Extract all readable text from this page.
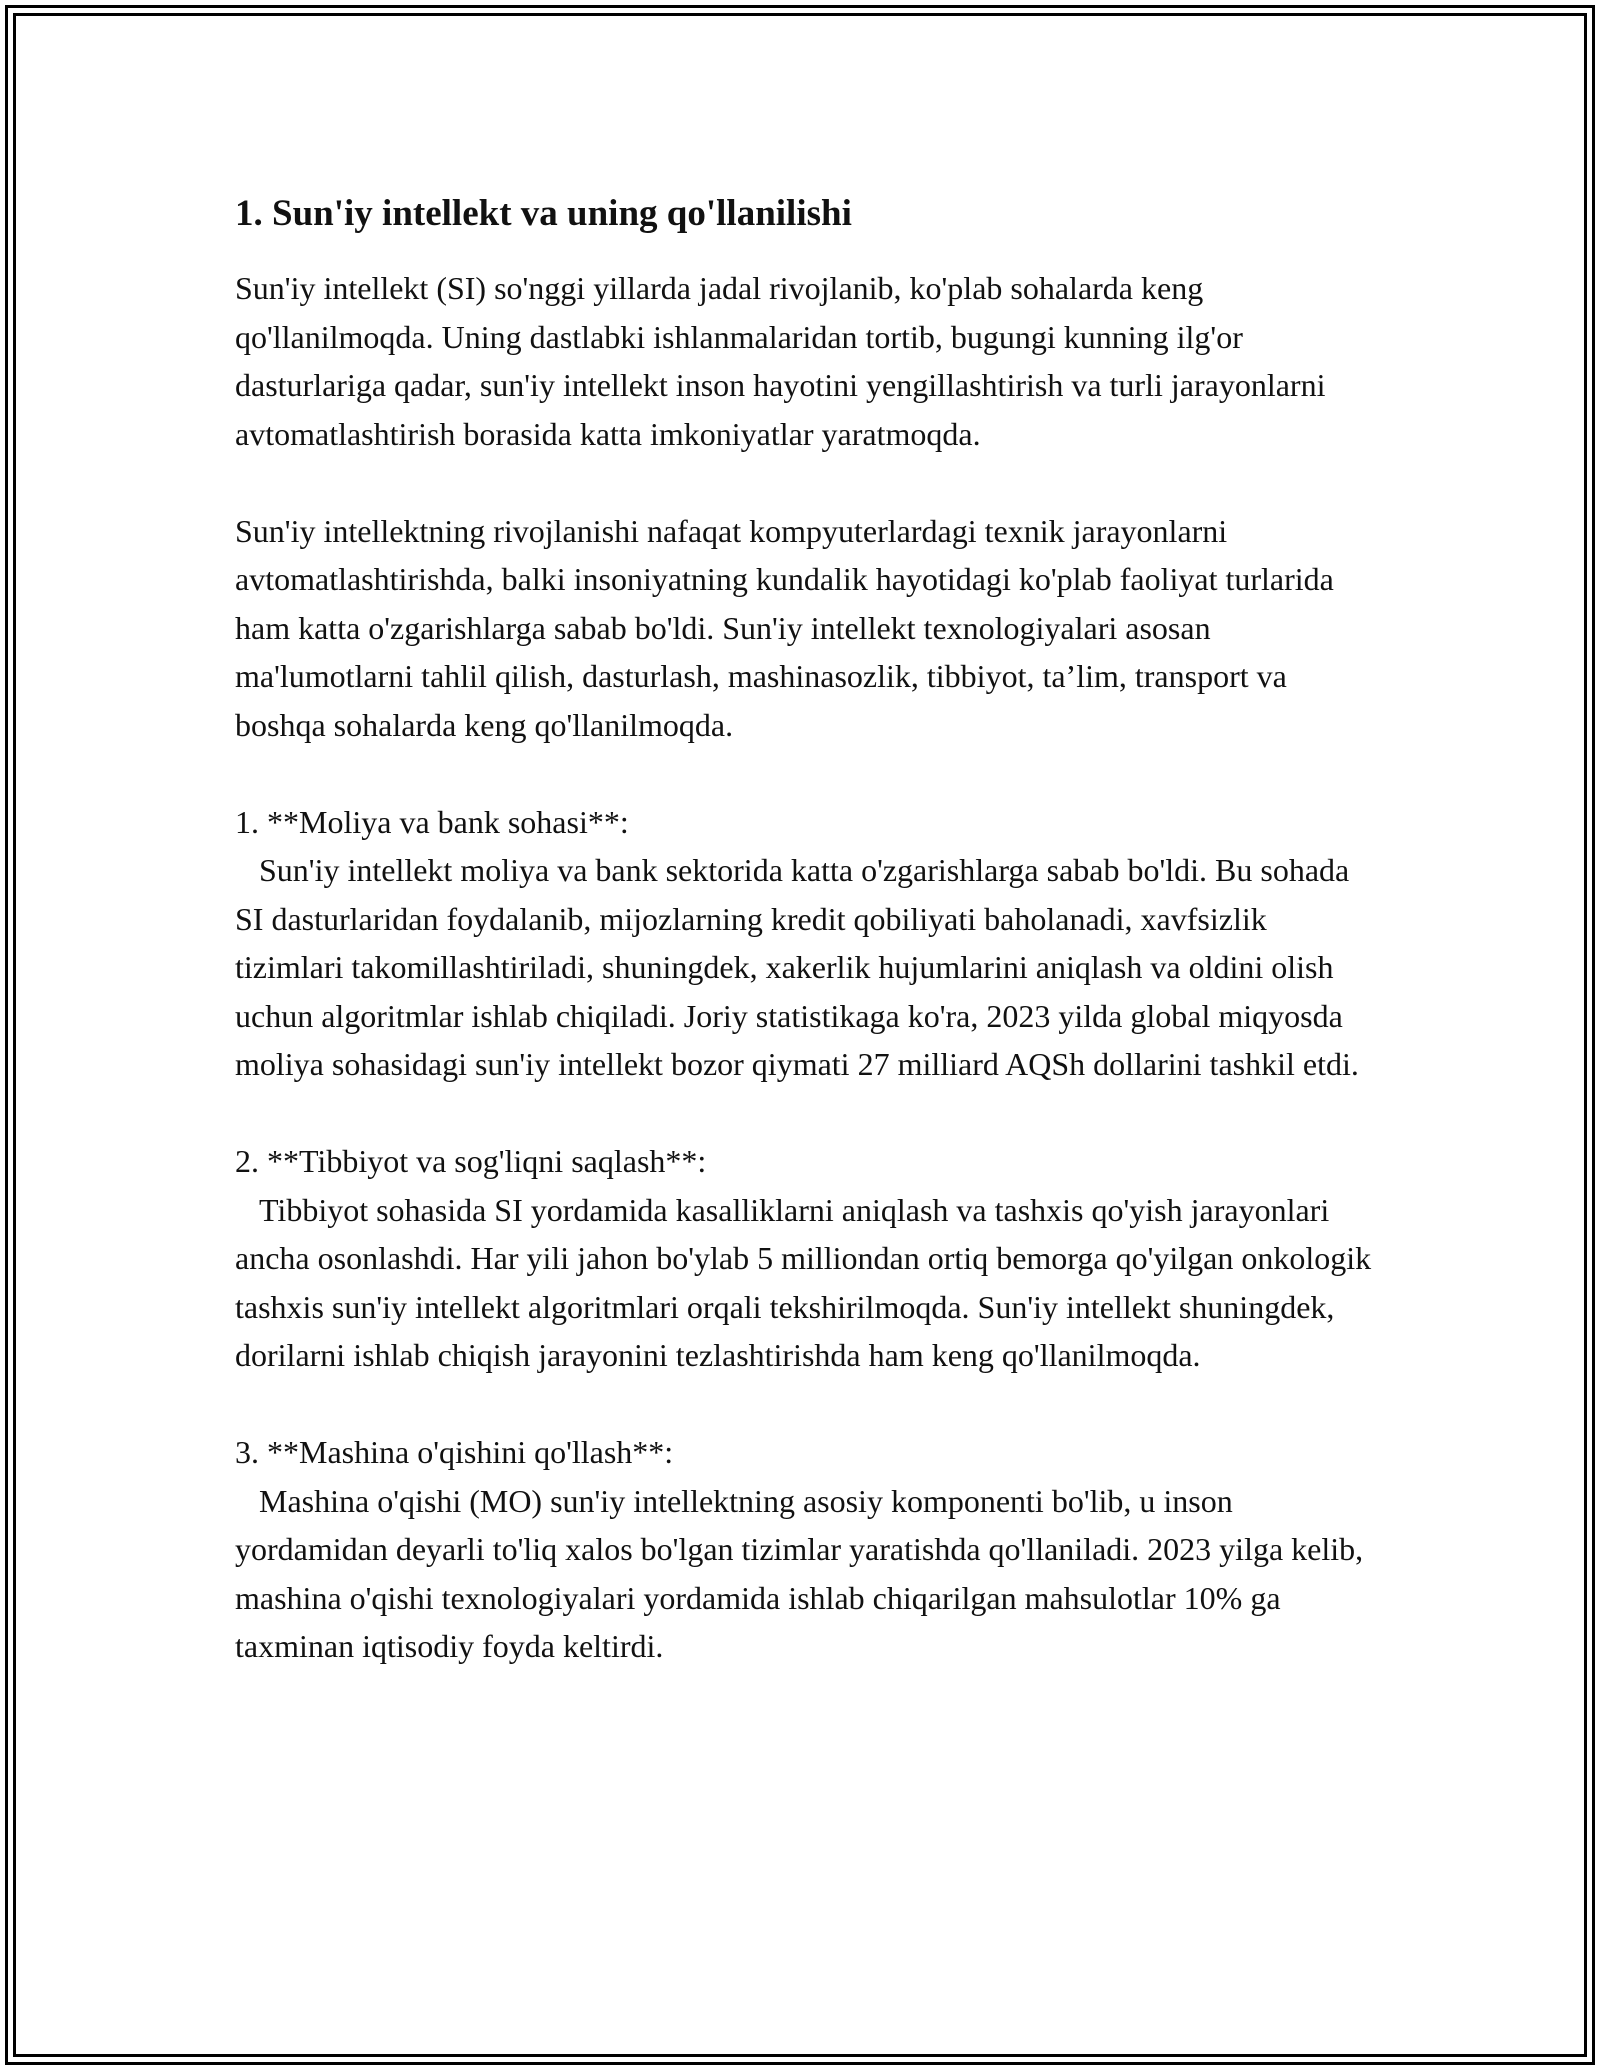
1. Sun'iy intellekt va uning qo'llanilishi

Sun'iy intellekt (SI) so'nggi yillarda jadal rivojlanib, ko'plab sohalarda keng qo'llanilmoqda. Uning dastlabki ishlanmalaridan tortib, bugungi kunning ilg'or dasturlariga qadar, sun'iy intellekt inson hayotini yengillashtirish va turli jarayonlarni avtomatlashtirish borasida katta imkoniyatlar yaratmoqda.

Sun'iy intellektning rivojlanishi nafaqat kompyuterlardagi texnik jarayonlarni avtomatlashtirishda, balki insoniyatning kundalik hayotidagi ko'plab faoliyat turlarida ham katta o'zgarishlarga sabab bo'ldi. Sun'iy intellekt texnologiyalari asosan ma'lumotlarni tahlil qilish, dasturlash, mashinasozlik, tibbiyot, ta’lim, transport va boshqa sohalarda keng qo'llanilmoqda.

1. **Moliya va bank sohasi**:
Sun'iy intellekt moliya va bank sektorida katta o'zgarishlarga sabab bo'ldi. Bu sohada SI dasturlaridan foydalanib, mijozlarning kredit qobiliyati baholanadi, xavfsizlik tizimlari takomillashtiriladi, shuningdek, xakerlik hujumlarini aniqlash va oldini olish uchun algoritmlar ishlab chiqiladi. Joriy statistikaga ko'ra, 2023 yilda global miqyosda moliya sohasidagi sun'iy intellekt bozor qiymati 27 milliard AQSh dollarini tashkil etdi.
2. **Tibbiyot va sog'liqni saqlash**:
Tibbiyot sohasida SI yordamida kasalliklarni aniqlash va tashxis qo'yish jarayonlari ancha osonlashdi. Har yili jahon bo'ylab 5 milliondan ortiq bemorga qo'yilgan onkologik tashxis sun'iy intellekt algoritmlari orqali tekshirilmoqda. Sun'iy intellekt shuningdek, dorilarni ishlab chiqish jarayonini tezlashtirishda ham keng qo'llanilmoqda.
3. **Mashina o'qishini qo'llash**:
Mashina o'qishi (MO) sun'iy intellektning asosiy komponenti bo'lib, u inson yordamidan deyarli to'liq xalos bo'lgan tizimlar yaratishda qo'llaniladi. 2023 yilga kelib, mashina o'qishi texnologiyalari yordamida ishlab chiqarilgan mahsulotlar 10% ga taxminan iqtisodiy foyda keltirdi.
